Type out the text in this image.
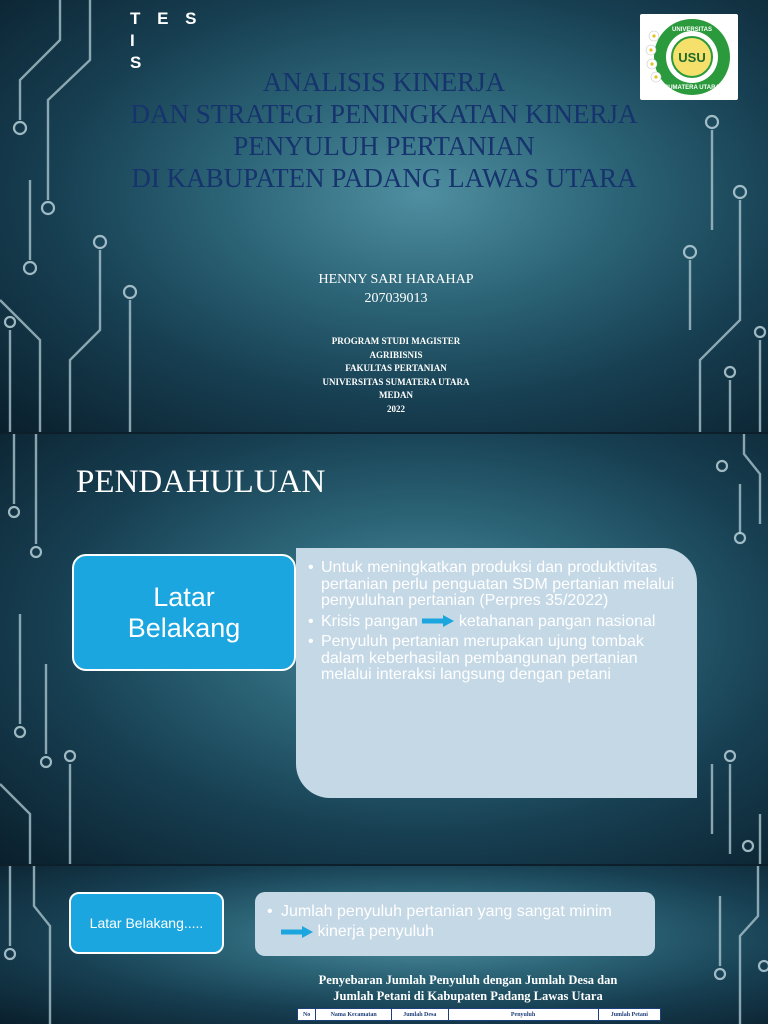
T E S I
S	USU
UNIVERSITAS
SUMATERA UTARA
ANALISIS KINERJA
DAN STRATEGI PENINGKATAN KINERJA
PENYULUH PERTANIAN
DI KABUPATEN PADANG LAWAS UTARA
HENNY SARI HARAHAP
207039013
PROGRAM STUDI MAGISTER
AGRIBISNIS
FAKULTAS PERTANIAN
UNIVERSITAS SUMATERA UTARA
MEDAN
2022
PENDAHULUAN
Latar
Belakang
• Untuk meningkatkan produksi dan produktivitas pertanian perlu penguatan SDM pertanian melalui penyuluhan pertanian (Perpres 35/2022)
• Krisis pangan	ketahanan pangan nasional
• Penyuluh pertanian merupakan ujung tombak dalam keberhasilan pembangunan pertanian melalui interaksi langsung dengan petani
Latar Belakang.....
• Jumlah penyuluh pertanian yang sangat minim  kinerja penyuluh
Penyebaran Jumlah Penyuluh dengan Jumlah Desa dan
Jumlah Petani di Kabupaten Padang Lawas Utara
No	Nama Kecamatan	Jumlah Desa	Penyuluh	Jumlah Petani
